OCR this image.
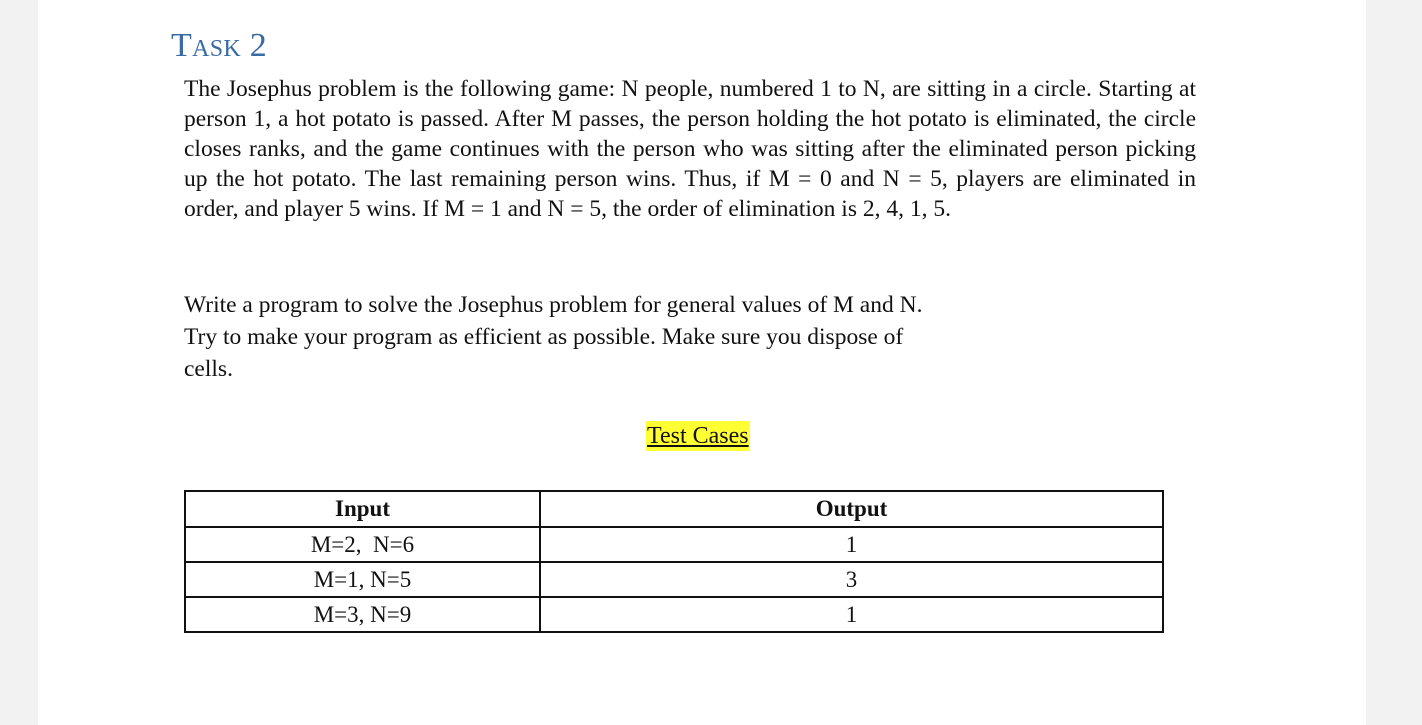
Task 2

The Josephus problem is the following game: N people, numbered 1 to N, are sitting in a circle. Starting at person 1, a hot potato is passed. After M passes, the person holding the hot potato is eliminated, the circle closes ranks, and the game continues with the person who was sitting after the eliminated person picking up the hot potato. The last remaining person wins. Thus, if M = 0 and N = 5, players are eliminated in order, and player 5 wins. If M = 1 and N = 5, the order of elimination is 2, 4, 1, 5.

Write a program to solve the Josephus problem for general values of M and N.
Try to make your program as efficient as possible. Make sure you dispose of
cells.

Test Cases

Input	Output
M=2,  N=6	1
M=1, N=5	3
M=3, N=9	1
